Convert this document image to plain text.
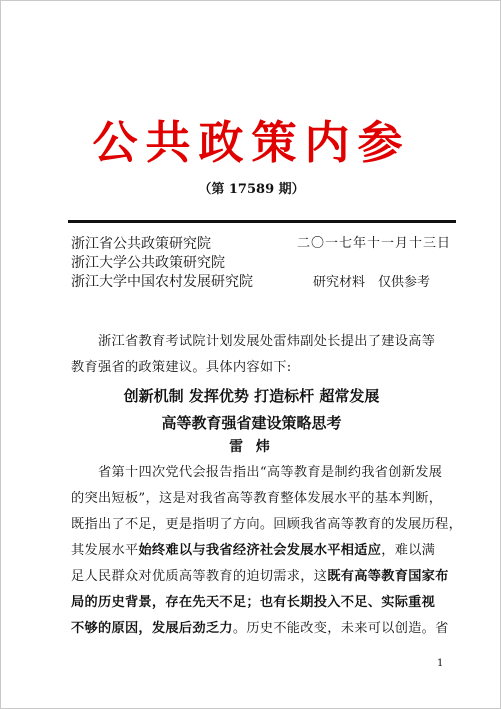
公共政策内参
（第 17589 期）
浙江省公共政策研究院
浙江大学公共政策研究院
浙江大学中国农村发展研究院
二〇一七年十一月十三日
研究材料　仅供参考
浙江省教育考试院计划发展处雷炜副处长提出了建设高等
教育强省的政策建议。具体内容如下:
创新机制 发挥优势 打造标杆 超常发展
高等教育强省建设策略思考
雷 炜
省第十四次党代会报告指出“高等教育是制约我省创新发展
的突出短板”，这是对我省高等教育整体发展水平的基本判断，
既指出了不足，更是指明了方向。回顾我省高等教育的发展历程，
其发展水平始终难以与我省经济社会发展水平相适应，难以满
足人民群众对优质高等教育的迫切需求，这既有高等教育国家布
局的历史背景，存在先天不足；也有长期投入不足、实际重视
不够的原因，发展后劲乏力。历史不能改变，未来可以创造。省
1
